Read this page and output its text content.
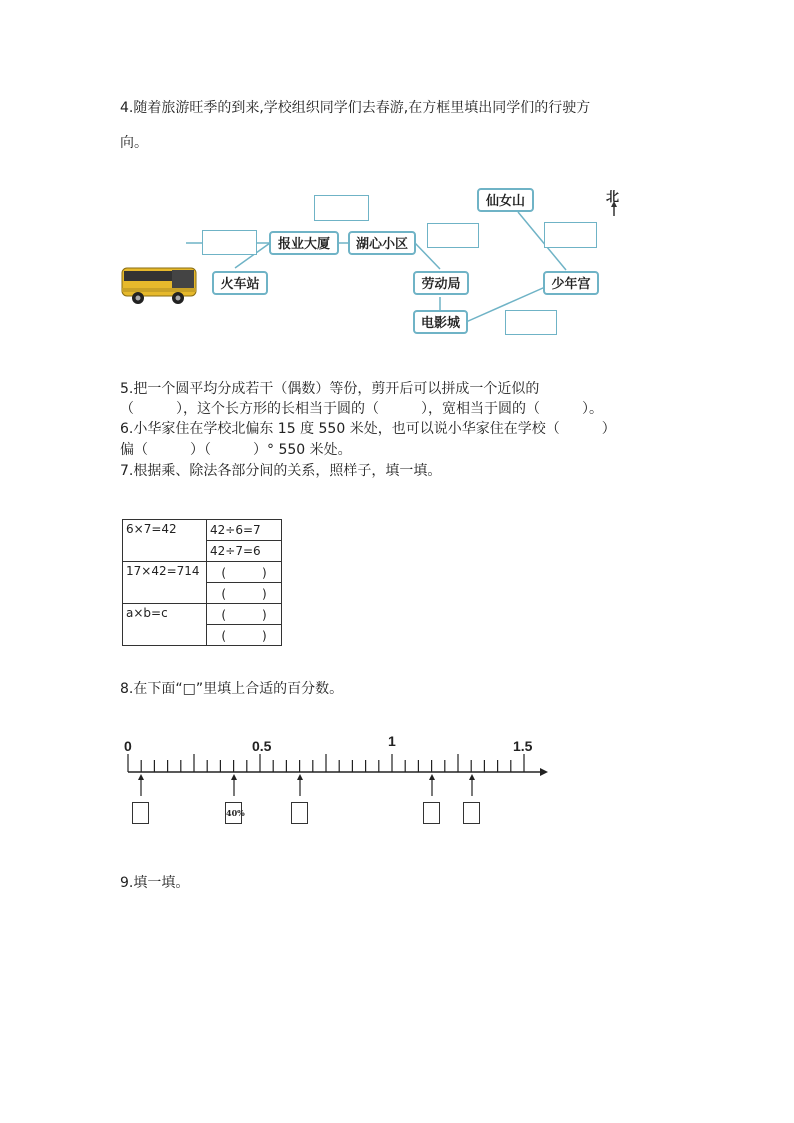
4.随着旅游旺季的到来,学校组织同学们去春游,在方框里填出同学们的行驶方
向。
北
仙女山
报业大厦	湖心小区
火车站	劳动局	少年宫
电影城
5.把一个圆平均分成若干（偶数）等份，剪开后可以拼成一个近似的
（　　　），这个长方形的长相当于圆的（　　　），宽相当于圆的（　　　）。
6.小华家住在学校北偏东 15 度 550 米处，也可以说小华家住在学校（　　　）
偏（　　　）（　　　）° 550 米处。
7.根据乘、除法各部分间的关系，照样子，填一填。
6×7=42	42÷6=7
	42÷7=6
17×42=714	(　　　)
	(　　　)
a×b=c	(　　　)
	(　　　)
8.在下面“□”里填上合适的百分数。
0	0.5	1	1.5
40%
9.填一填。
